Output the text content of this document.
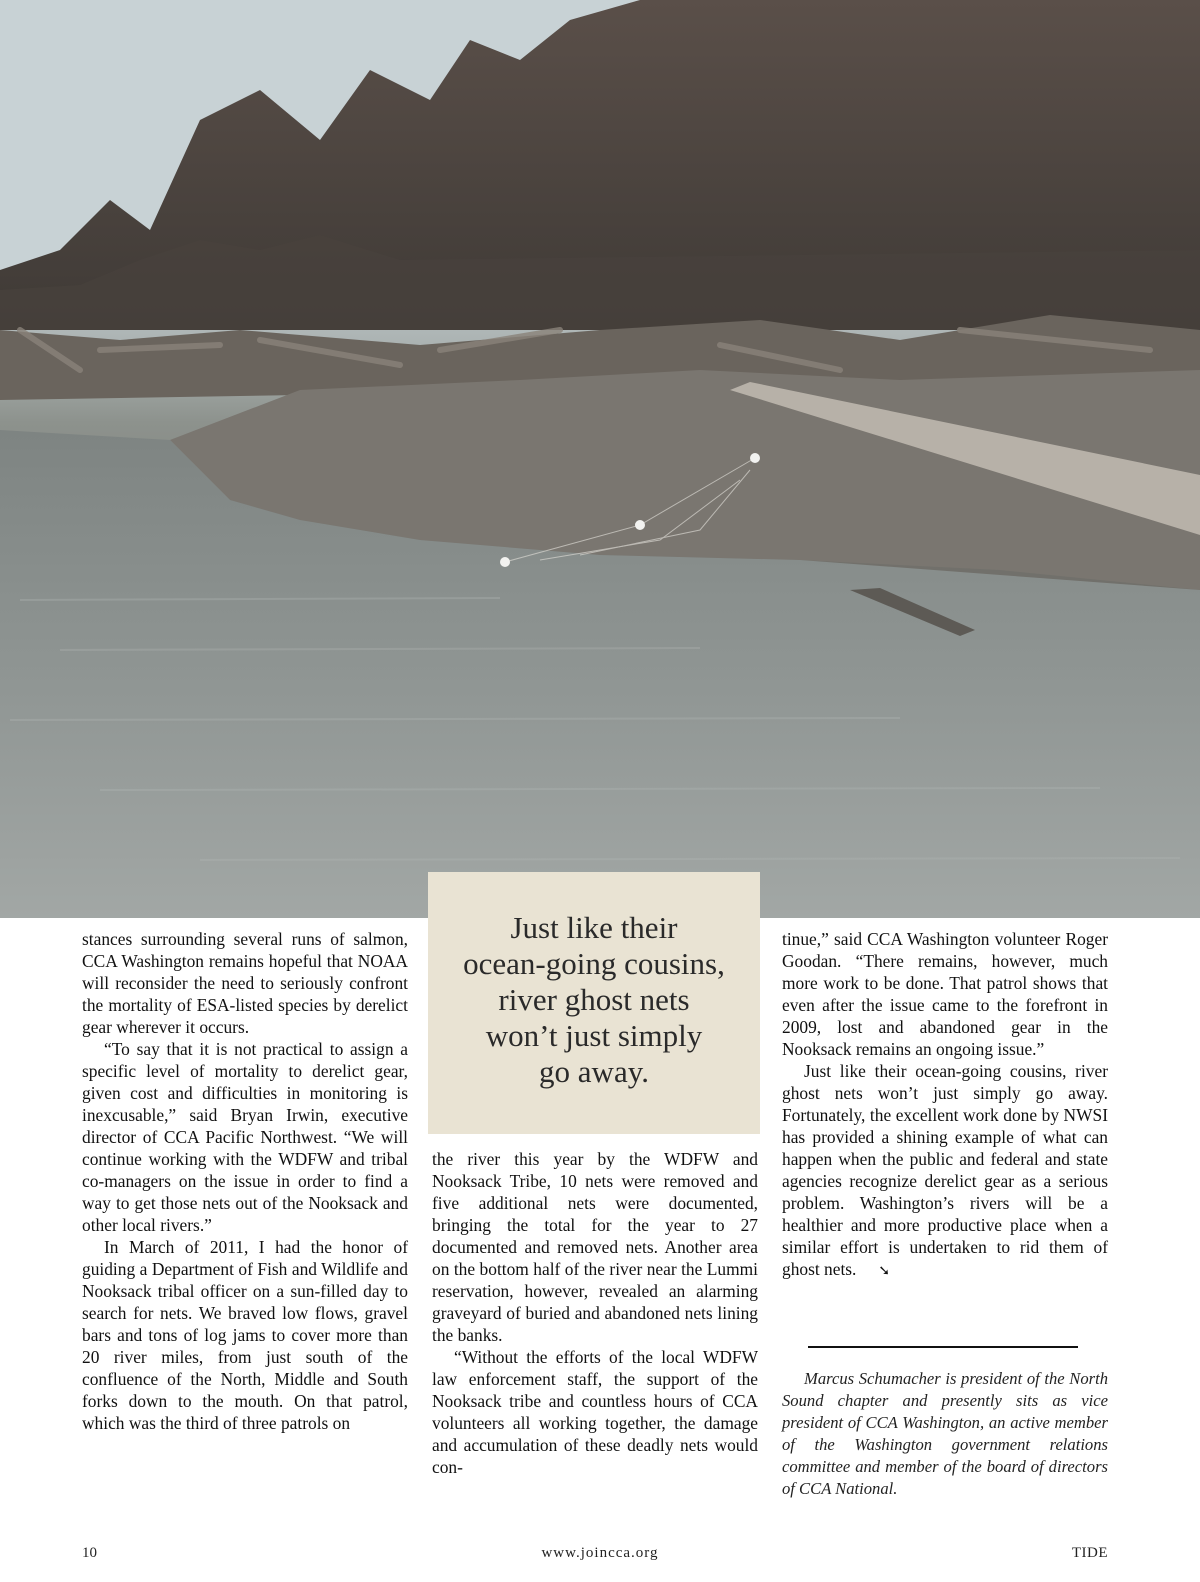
Just like their
ocean-going cousins,
river ghost nets
won’t just simply
go away.

stances surrounding several runs of salmon, CCA Washington remains hopeful that NOAA will reconsider the need to seriously confront the mortality of ESA-listed species by derelict gear wherever it occurs.

“To say that it is not practical to assign a specific level of mortality to derelict gear, given cost and difficulties in monitoring is inexcusable,” said Bryan Irwin, executive director of CCA Pacific Northwest. “We will continue working with the WDFW and tribal co-managers on the issue in order to find a way to get those nets out of the Nooksack and other local rivers.”

In March of 2011, I had the honor of guiding a Department of Fish and Wildlife and Nooksack tribal officer on a sun-filled day to search for nets. We braved low flows, gravel bars and tons of log jams to cover more than 20 river miles, from just south of the confluence of the North, Middle and South forks down to the mouth. On that patrol, which was the third of three patrols on

the river this year by the WDFW and Nooksack Tribe, 10 nets were removed and five additional nets were documented, bringing the total for the year to 27 documented and removed nets. Another area on the bottom half of the river near the Lummi reservation, however, revealed an alarming graveyard of buried and abandoned nets lining the banks.

“Without the efforts of the local WDFW law enforcement staff, the support of the Nooksack tribe and countless hours of CCA volunteers all working together, the damage and accumulation of these deadly nets would con-

tinue,” said CCA Washington volunteer Roger Goodan. “There remains, however, much more work to be done. That patrol shows that even after the issue came to the forefront in 2009, lost and abandoned gear in the Nooksack remains an ongoing issue.”

Just like their ocean-going cousins, river ghost nets won’t just simply go away. Fortunately, the excellent work done by NWSI has provided a shining example of what can happen when the public and federal and state agencies recognize derelict gear as a serious problem. Washington’s rivers will be a healthier and more productive place when a similar effort is undertaken to rid them of ghost nets. ➘

Marcus Schumacher is president of the North Sound chapter and presently sits as vice president of CCA Washington, an active member of the Washington government relations committee and member of the board of directors of CCA National.

10	www.joincca.org	TIDE
